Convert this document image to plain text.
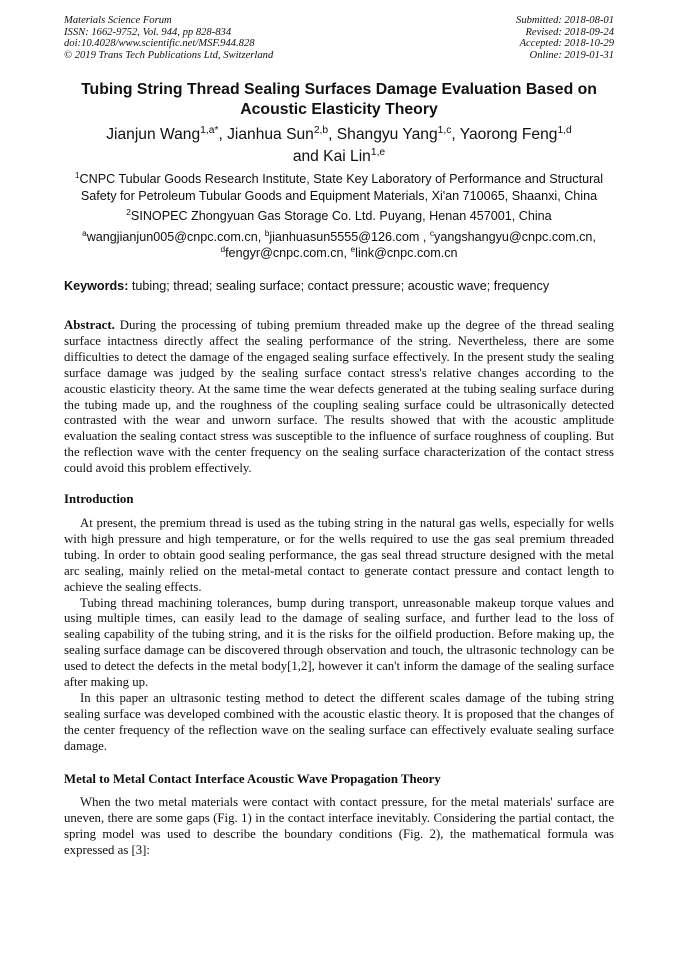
Materials Science Forum
ISSN: 1662-9752, Vol. 944, pp 828-834
doi:10.4028/www.scientific.net/MSF.944.828
© 2019 Trans Tech Publications Ltd, Switzerland
Submitted: 2018-08-01
Revised: 2018-09-24
Accepted: 2018-10-29
Online: 2019-01-31
Tubing String Thread Sealing Surfaces Damage Evaluation Based on Acoustic Elasticity Theory
Jianjun Wang$^{1,a*}$, Jianhua Sun$^{2,b}$, Shangyu Yang$^{1,c}$, Yaorong Feng$^{1,d}$
and Kai Lin$^{1,e}$
$^1$CNPC Tubular Goods Research Institute, State Key Laboratory of Performance and Structural Safety for Petroleum Tubular Goods and Equipment Materials, Xi'an 710065, Shaanxi, China
$^2$SINOPEC Zhongyuan Gas Storage Co. Ltd. Puyang, Henan 457001, China
$^a$wangjianjun005@cnpc.com.cn, $^b$jianhuasun5555@126.com , $^c$yangshangyu@cnpc.com.cn,
$^d$fengyr@cnpc.com.cn, $^e$link@cnpc.com.cn
Keywords: tubing; thread; sealing surface; contact pressure; acoustic wave; frequency
Abstract. During the processing of tubing premium threaded make up the degree of the thread sealing surface intactness directly affect the sealing performance of the string. Nevertheless, there are some difficulties to detect the damage of the engaged sealing surface effectively. In the present study the sealing surface damage was judged by the sealing surface contact stress's relative changes according to the acoustic elasticity theory. At the same time the wear defects generated at the tubing sealing surface during the tubing made up, and the roughness of the coupling sealing surface could be ultrasonically detected contrasted with the wear and unworn surface. The results showed that with the acoustic amplitude evaluation the sealing contact stress was susceptible to the influence of surface roughness of coupling. But the reflection wave with the center frequency on the sealing surface characterization of the contact stress could avoid this problem effectively.
Introduction

At present, the premium thread is used as the tubing string in the natural gas wells, especially for wells with high pressure and high temperature, or for the wells required to use the gas seal premium threaded tubing. In order to obtain good sealing performance, the gas seal thread structure designed with the metal arc sealing, mainly relied on the metal-metal contact to generate contact pressure and contact length to achieve the sealing effects.

Tubing thread machining tolerances, bump during transport, unreasonable makeup torque values and using multiple times, can easily lead to the damage of sealing surface, and further lead to the loss of sealing capability of the tubing string, and it is the risks for the oilfield production. Before making up, the sealing surface damage can be discovered through observation and touch, the ultrasonic technology can be used to detect the defects in the metal body[1,2], however it can't inform the damage of the sealing surface after making up.

In this paper an ultrasonic testing method to detect the different scales damage of the tubing string sealing surface was developed combined with the acoustic elastic theory. It is proposed that the changes of the center frequency of the reflection wave on the sealing surface can effectively evaluate sealing surface damage.

Metal to Metal Contact Interface Acoustic Wave Propagation Theory

When the two metal materials were contact with contact pressure, for the metal materials' surface are uneven, there are some gaps (Fig. 1) in the contact interface inevitably. Considering the partial contact, the spring model was used to describe the boundary conditions (Fig. 2), the mathematical formula was expressed as [3]:
